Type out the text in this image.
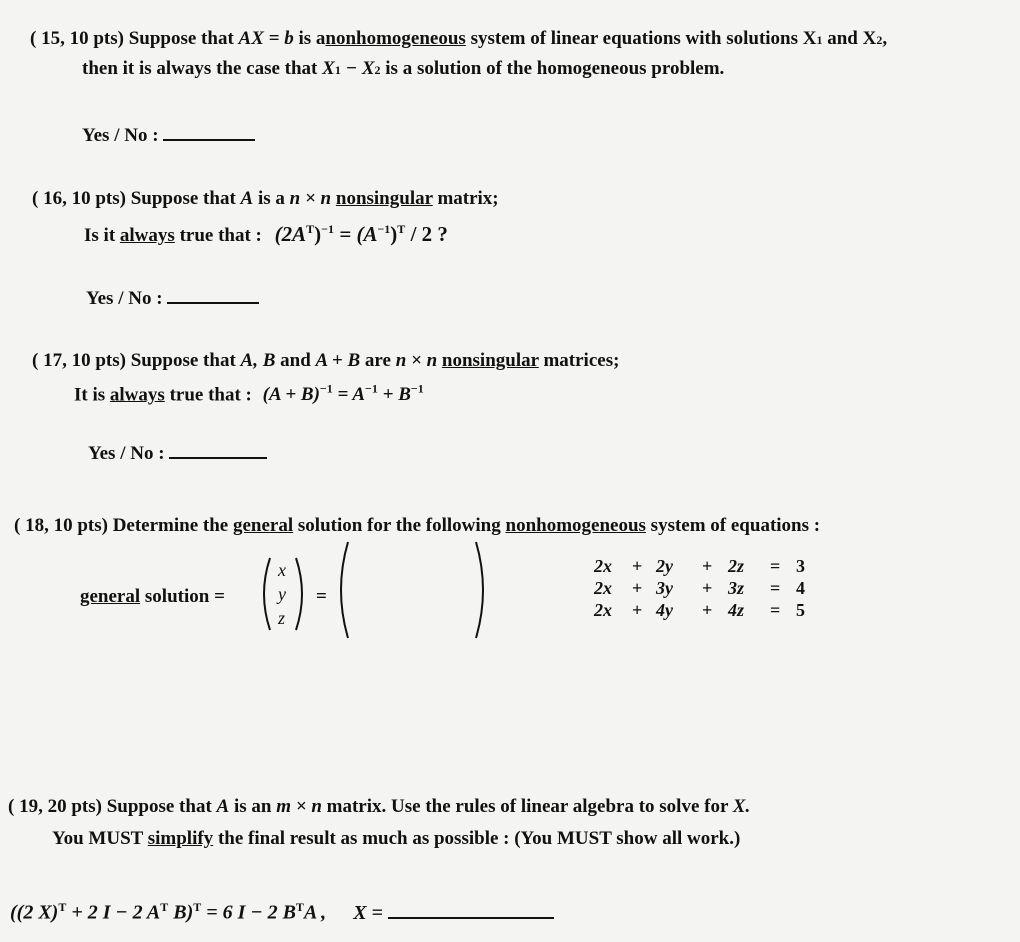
( 15, 10 pts) Suppose that AX = b is anonhomogeneous system of linear equations with solutions X1 and X2,
then it is always the case that X1 − X2 is a solution of the homogeneous problem.
Yes / No :
( 16, 10 pts) Suppose that A is a n × n nonsingular matrix;
Is it always true that : $(2A^T)^{-1} = (A^{-1})^T / 2$ ?
Yes / No :
( 17, 10 pts) Suppose that A, B and A + B are n × n nonsingular matrices;
It is always true that : $(A + B)^{-1} = A^{-1} + B^{-1}$
Yes / No :
( 18, 10 pts) Determine the general solution for the following nonhomogeneous system of equations :
general solution =
x
y
z
=
2x + 2y + 2z = 3
2x + 3y + 3z = 4
2x + 4y + 4z = 5
( 19, 20 pts) Suppose that A is an m × n matrix. Use the rules of linear algebra to solve for X.
You MUST simplify the final result as much as possible : (You MUST show all work.)
((2 X)$^T$ + 2 I − 2 $A^T$ B)$^T$ = 6 I − 2 $B^TA$ , X =
